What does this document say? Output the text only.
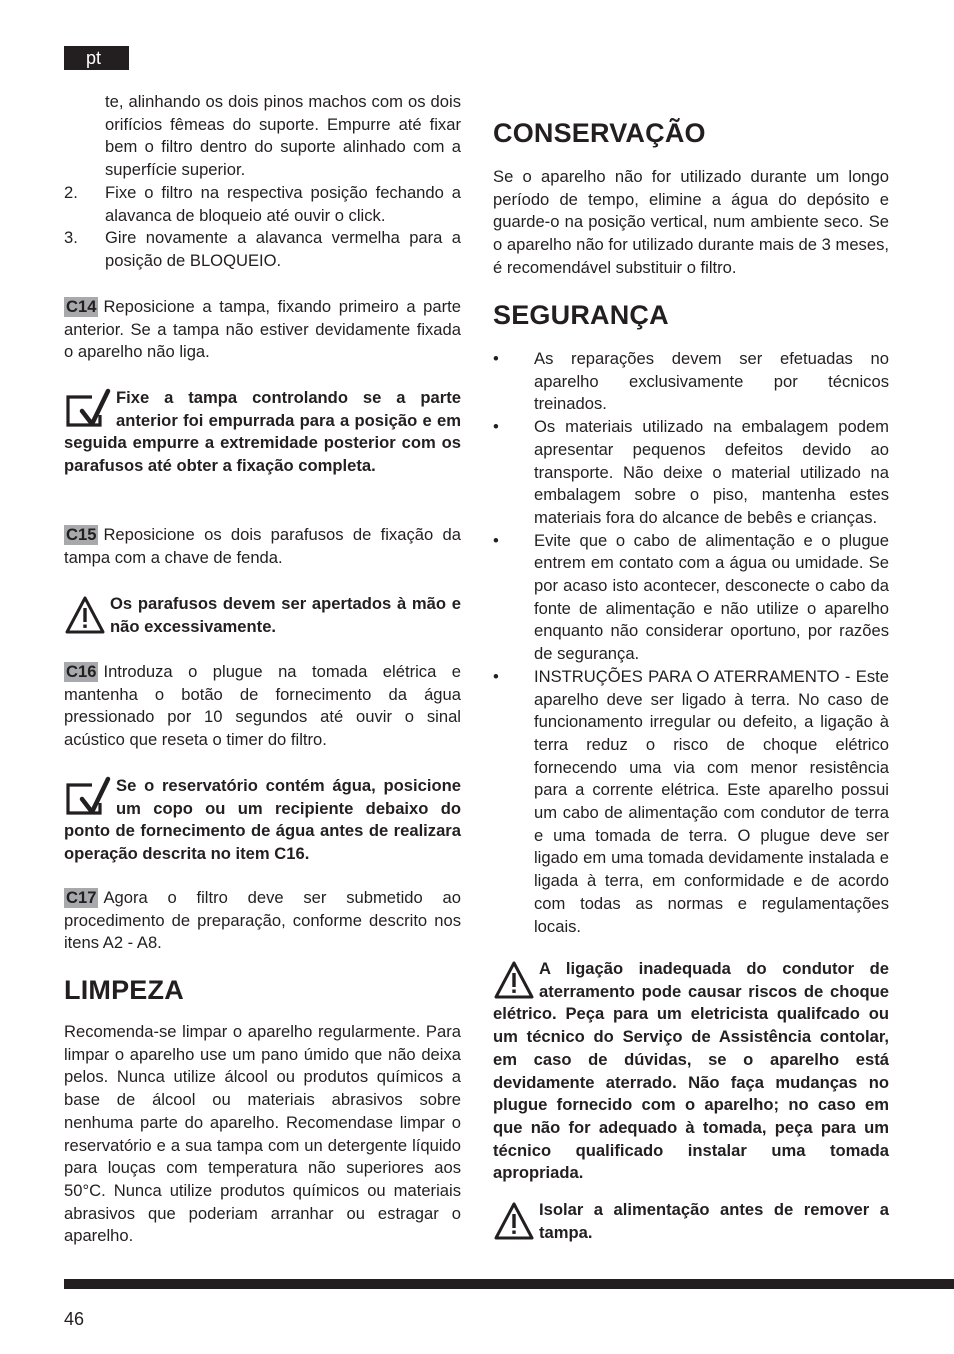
pt

te, alinhando os dois pinos machos com os dois orifícios fêmeas do suporte. Empurre até fixar bem o filtro dentro do suporte alinhado com a superfície superior.

2. Fixe o filtro na respectiva posição fechando a alavanca de bloqueio até ouvir o click.
3. Gire novamente a alavanca vermelha para a posição de BLOQUEIO.

C14 Reposicione a tampa, fixando primeiro a parte anterior. Se a tampa não estiver devidamente fixada o aparelho não liga.

Fixe a tampa controlando se a parte anterior foi empurrada para a posição e em seguida empurre a extremidade posterior com os parafusos até obter a fixação completa.

C15 Reposicione os dois parafusos de fixação da tampa com a chave de fenda.

Os parafusos devem ser apertados à mão e não excessivamente.

C16 Introduza o plugue na tomada elétrica e mantenha o botão de fornecimento da água pressionado por 10 segundos até ouvir o sinal acústico que reseta o timer do filtro.

Se o reservatório contém água, posicione um copo ou um recipiente debaixo do ponto de fornecimento de água antes de realizara operação descrita no item C16.

C17 Agora o filtro deve ser submetido ao procedimento de preparação, conforme descrito nos itens A2 - A8.

LIMPEZA

Recomenda-se limpar o aparelho regularmente. Para limpar o aparelho use um pano úmido que não deixa pelos. Nunca utilize álcool ou produtos químicos a base de álcool ou materiais abrasivos sobre nenhuma parte do aparelho. Recomendase limpar o reservatório e a sua tampa com un detergente líquido para louças com temperatura não superiores aos 50°C. Nunca utilize produtos químicos ou materiais abrasivos que poderiam arranhar ou estragar o aparelho.

CONSERVAÇÃO

Se o aparelho não for utilizado durante um longo período de tempo, elimine a água do depósito e guarde-o na posição vertical, num ambiente seco. Se o aparelho não for utilizado durante mais de 3 meses, é recomendável substituir o filtro.

SEGURANÇA
• As reparações devem ser efetuadas no aparelho exclusivamente por técnicos treinados.
• Os materiais utilizado na embalagem podem apresentar pequenos defeitos devido ao transporte. Não deixe o material utilizado na embalagem sobre o piso, mantenha estes materiais fora do alcance de bebês e crianças.
• Evite que o cabo de alimentação e o plugue entrem em contato com a água ou umidade. Se por acaso isto acontecer, desconecte o cabo da fonte de alimentação e não utilize o aparelho enquanto não considerar oportuno, por razões de segurança.
• INSTRUÇÕES PARA O ATERRAMENTO - Este aparelho deve ser ligado à terra. No caso de funcionamento irregular ou defeito, a ligação à terra reduz o risco de choque elétrico fornecendo uma via com menor resistência para a corrente elétrica. Este aparelho possui um cabo de alimentação com condutor de terra e uma tomada de terra. O plugue deve ser ligado em uma tomada devidamente instalada e ligada à terra, em conformidade e de acordo com todas as normas e regulamentações locais.
A ligação inadequada do condutor de aterramento pode causar riscos de choque elétrico. Peça para um eletricista qualifcado ou um técnico do Serviço de Assistência contolar, em caso de dúvidas, se o aparelho está devidamente aterrado. Não faça mudanças no plugue fornecido com o aparelho; no caso em que não for adequado à tomada, peça para um técnico qualificado instalar uma tomada apropriada.
Isolar a alimentação antes de remover a tampa.
46
